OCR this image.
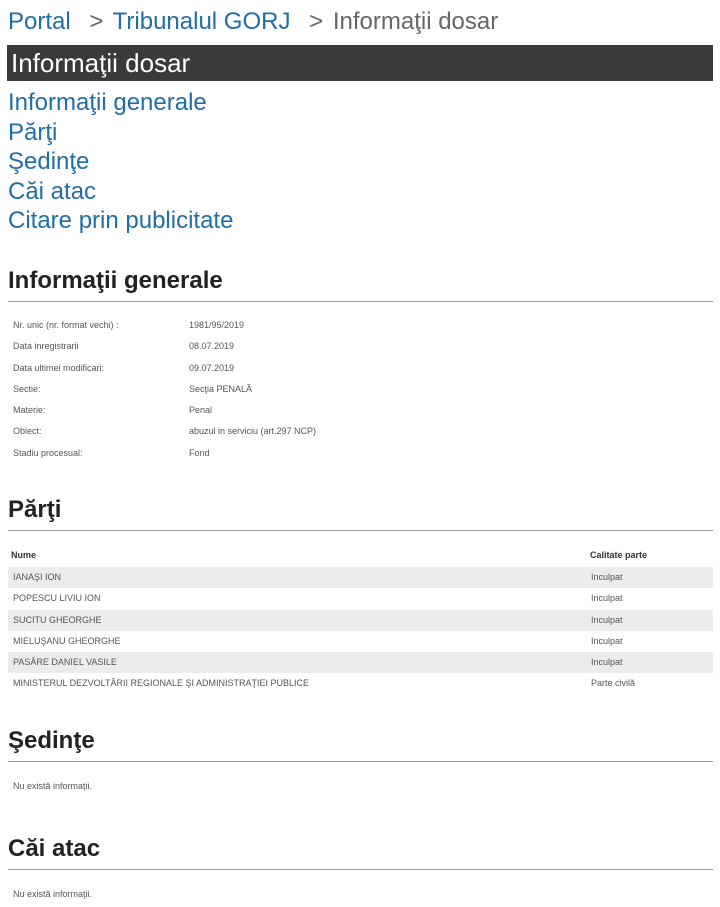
Portal > Tribunalul GORJ > Informaţii dosar
Informaţii dosar
Informaţii generale
Părţi
Şedinţe
Căi atac
Citare prin publicitate
Informaţii generale
Nr. unic (nr. format vechi) :	1981/95/2019
Data inregistrarii	08.07.2019
Data ultimei modificari:	09.07.2019
Sectie:	Secţia PENALĂ
Materie:	Penal
Obiect:	abuzul in serviciu (art.297 NCP)
Stadiu procesual:	Fond
Părţi
Nume	Calitate parte
IANAŞI ION	Inculpat
POPESCU LIVIU ION	Inculpat
SUCITU GHEORGHE	Inculpat
MIELUŞANU GHEORGHE	Inculpat
PASĂRE DANIEL VASILE	Inculpat
MINISTERUL DEZVOLTĂRII REGIONALE ŞI ADMINISTRAŢIEI PUBLICE	Parte civilă
Şedinţe
Nu există informaţii.
Căi atac
Nu există informaţii.
